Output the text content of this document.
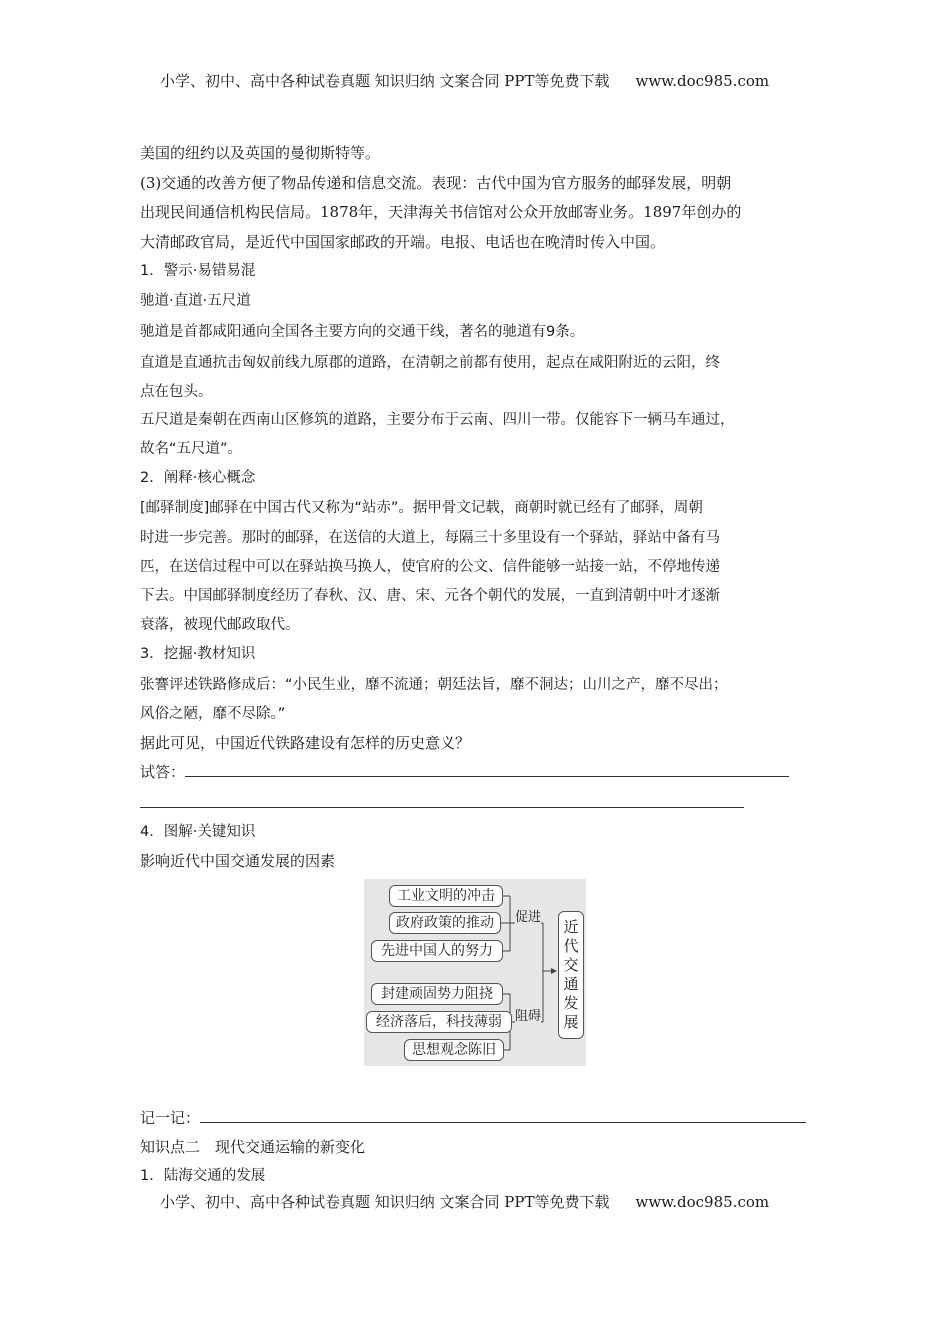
小学、初中、高中各种试卷真题 知识归纳 文案合同 PPT等免费下载 www.doc985.com
美国的纽约以及英国的曼彻斯特等。
(3)交通的改善方便了物品传递和信息交流。表现：古代中国为官方服务的邮驿发展，明朝
出现民间通信机构民信局。1878年，天津海关书信馆对公众开放邮寄业务。1897年创办的
大清邮政官局，是近代中国国家邮政的开端。电报、电话也在晚清时传入中国。
1．警示·易错易混
驰道·直道·五尺道
驰道是首都咸阳通向全国各主要方向的交通干线，著名的驰道有9条。
直道是直通抗击匈奴前线九原郡的道路，在清朝之前都有使用，起点在咸阳附近的云阳，终
点在包头。
五尺道是秦朝在西南山区修筑的道路，主要分布于云南、四川一带。仅能容下一辆马车通过，
故名“五尺道”。
2．阐释·核心概念
[邮驿制度]邮驿在中国古代又称为“站赤”。据甲骨文记载，商朝时就已经有了邮驿，周朝
时进一步完善。那时的邮驿，在送信的大道上，每隔三十多里设有一个驿站，驿站中备有马
匹，在送信过程中可以在驿站换马换人，使官府的公文、信件能够一站接一站，不停地传递
下去。中国邮驿制度经历了春秋、汉、唐、宋、元各个朝代的发展，一直到清朝中叶才逐渐
衰落，被现代邮政取代。
3．挖掘·教材知识
张謇评述铁路修成后：“小民生业，靡不流通；朝廷法旨，靡不洞达；山川之产，靡不尽出；
风俗之陋，靡不尽除。”
据此可见，中国近代铁路建设有怎样的历史意义？
试答：
4．图解·关键知识
影响近代中国交通发展的因素
工业文明的冲击
政府政策的推动
先进中国人的努力
封建顽固势力阻挠
经济落后，科技薄弱
思想观念陈旧
促进
阻碍
近
代
交
通
发
展
记一记：
知识点二　现代交通运输的新变化
1．陆海交通的发展
小学、初中、高中各种试卷真题 知识归纳 文案合同 PPT等免费下载 www.doc985.com
